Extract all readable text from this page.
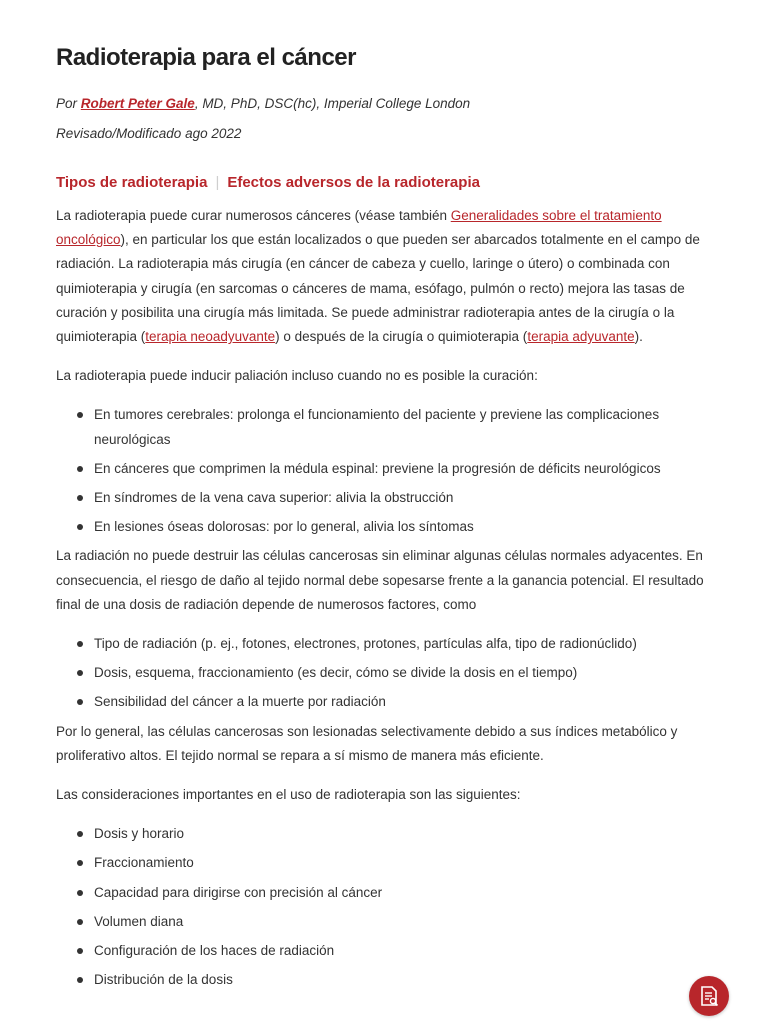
Radioterapia para el cáncer
Por Robert Peter Gale, MD, PhD, DSC(hc), Imperial College London
Revisado/Modificado ago 2022
Tipos de radioterapia | Efectos adversos de la radioterapia

La radioterapia puede curar numerosos cánceres (véase también Generalidades sobre el tratamiento oncológico), en particular los que están localizados o que pueden ser abarcados totalmente en el campo de radiación. La radioterapia más cirugía (en cáncer de cabeza y cuello, laringe o útero) o combinada con quimioterapia y cirugía (en sarcomas o cánceres de mama, esófago, pulmón o recto) mejora las tasas de curación y posibilita una cirugía más limitada. Se puede administrar radioterapia antes de la cirugía o la quimioterapia (terapia neoadyuvante) o después de la cirugía o quimioterapia (terapia adyuvante).

La radioterapia puede inducir paliación incluso cuando no es posible la curación:

En tumores cerebrales: prolonga el funcionamiento del paciente y previene las complicaciones neurológicas
En cánceres que comprimen la médula espinal: previene la progresión de déficits neurológicos
En síndromes de la vena cava superior: alivia la obstrucción
En lesiones óseas dolorosas: por lo general, alivia los síntomas

La radiación no puede destruir las células cancerosas sin eliminar algunas células normales adyacentes. En consecuencia, el riesgo de daño al tejido normal debe sopesarse frente a la ganancia potencial. El resultado final de una dosis de radiación depende de numerosos factores, como

Tipo de radiación (p. ej., fotones, electrones, protones, partículas alfa, tipo de radionúclido)
Dosis, esquema, fraccionamiento (es decir, cómo se divide la dosis en el tiempo)
Sensibilidad del cáncer a la muerte por radiación

Por lo general, las células cancerosas son lesionadas selectivamente debido a sus índices metabólico y proliferativo altos. El tejido normal se repara a sí mismo de manera más eficiente.

Las consideraciones importantes en el uso de radioterapia son las siguientes:

Dosis y horario
Fraccionamiento
Capacidad para dirigirse con precisión al cáncer
Volumen diana
Configuración de los haces de radiación
Distribución de la dosis
